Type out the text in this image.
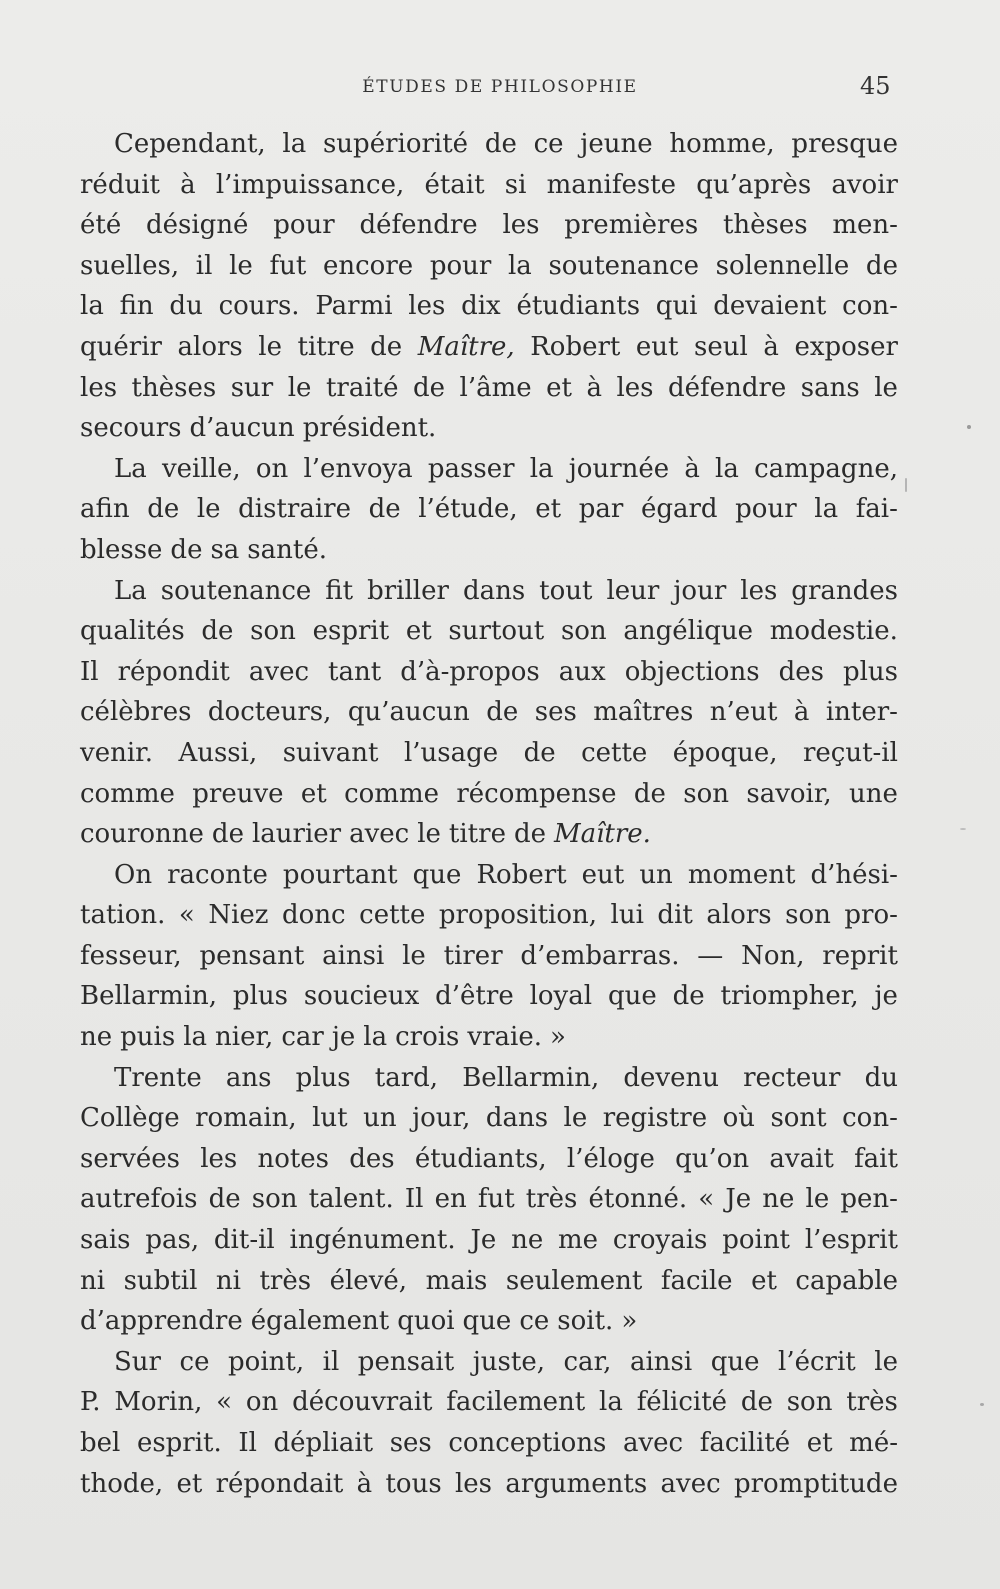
ÉTUDES DE PHILOSOPHIE	45
Cependant, la supériorité de ce jeune homme, presque
réduit à l’impuissance, était si manifeste qu’après avoir
été désigné pour défendre les premières thèses men-
suelles, il le fut encore pour la soutenance solennelle de
la fin du cours. Parmi les dix étudiants qui devaient con-
quérir alors le titre de Maître, Robert eut seul à exposer
les thèses sur le traité de l’âme et à les défendre sans le
secours d’aucun président.
La veille, on l’envoya passer la journée à la campagne,
afin de le distraire de l’étude, et par égard pour la fai-
blesse de sa santé.
La soutenance fit briller dans tout leur jour les grandes
qualités de son esprit et surtout son angélique modestie.
Il répondit avec tant d’à-propos aux objections des plus
célèbres docteurs, qu’aucun de ses maîtres n’eut à inter-
venir. Aussi, suivant l’usage de cette époque, reçut-il
comme preuve et comme récompense de son savoir, une
couronne de laurier avec le titre de Maître.
On raconte pourtant que Robert eut un moment d’hési-
tation. « Niez donc cette proposition, lui dit alors son pro-
fesseur, pensant ainsi le tirer d’embarras. — Non, reprit
Bellarmin, plus soucieux d’être loyal que de triompher, je
ne puis la nier, car je la crois vraie. »
Trente ans plus tard, Bellarmin, devenu recteur du
Collège romain, lut un jour, dans le registre où sont con-
servées les notes des étudiants, l’éloge qu’on avait fait
autrefois de son talent. Il en fut très étonné. « Je ne le pen-
sais pas, dit-il ingénument. Je ne me croyais point l’esprit
ni subtil ni très élevé, mais seulement facile et capable
d’apprendre également quoi que ce soit. »
Sur ce point, il pensait juste, car, ainsi que l’écrit le
P. Morin, « on découvrait facilement la félicité de son très
bel esprit. Il dépliait ses conceptions avec facilité et mé-
thode, et répondait à tous les arguments avec promptitude
